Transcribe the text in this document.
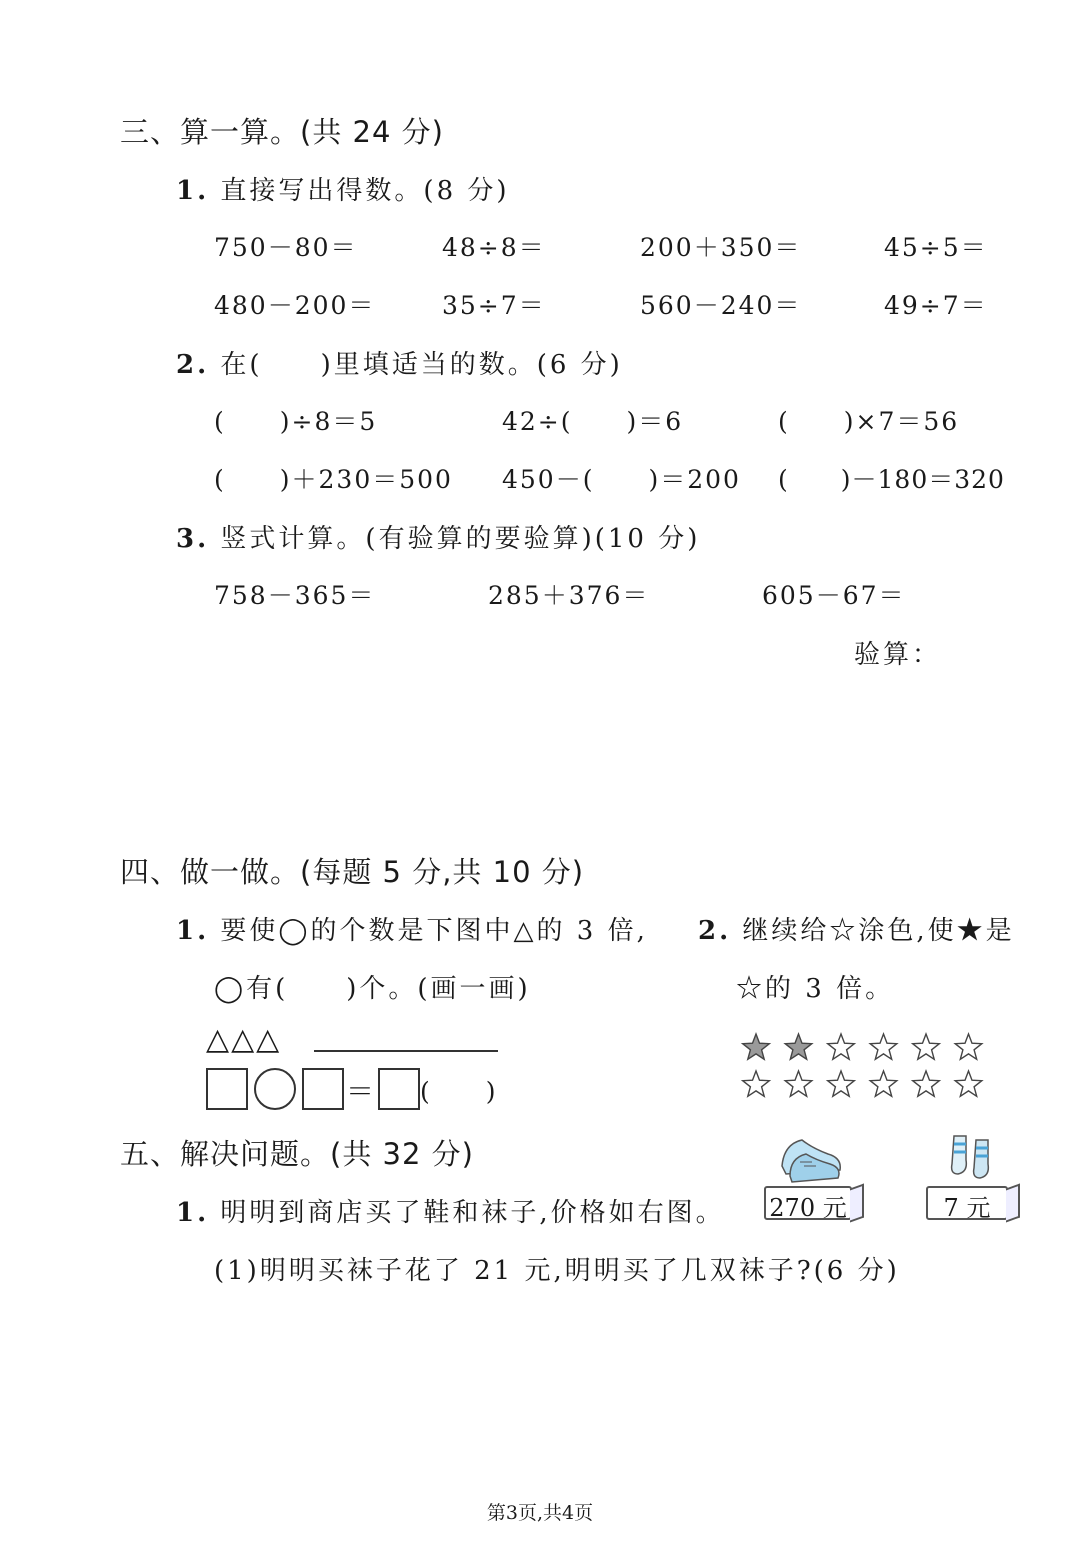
三、算一算。(共 24 分)
1. 直接写出得数。(8 分)
750－80＝	48÷8＝	200＋350＝	45÷5＝
480－200＝	35÷7＝	560－240＝	49÷7＝
2. 在(　　)里填适当的数。(6 分)
(　　)÷8＝5	42÷(　　)＝6	(　　)×7＝56
(　　)＋230＝500 450－(　　)＝200 (　　)－180＝320
3. 竖式计算。(有验算的要验算)(10 分)
758－365＝	285＋376＝	605－67＝
验算：
四、做一做。(每题 5 分,共 10 分)
1. 要使◯的个数是下图中△的 3 倍,
◯有(　　)个。(画一画)
△△△
＝ (　　)
2. 继续给☆涂色,使★是
☆的 3 倍。
五、解决问题。(共 32 分)
270 元	7 元
1. 明明到商店买了鞋和袜子,价格如右图。
(1)明明买袜子花了 21 元,明明买了几双袜子?(6 分)
第3页,共4页
